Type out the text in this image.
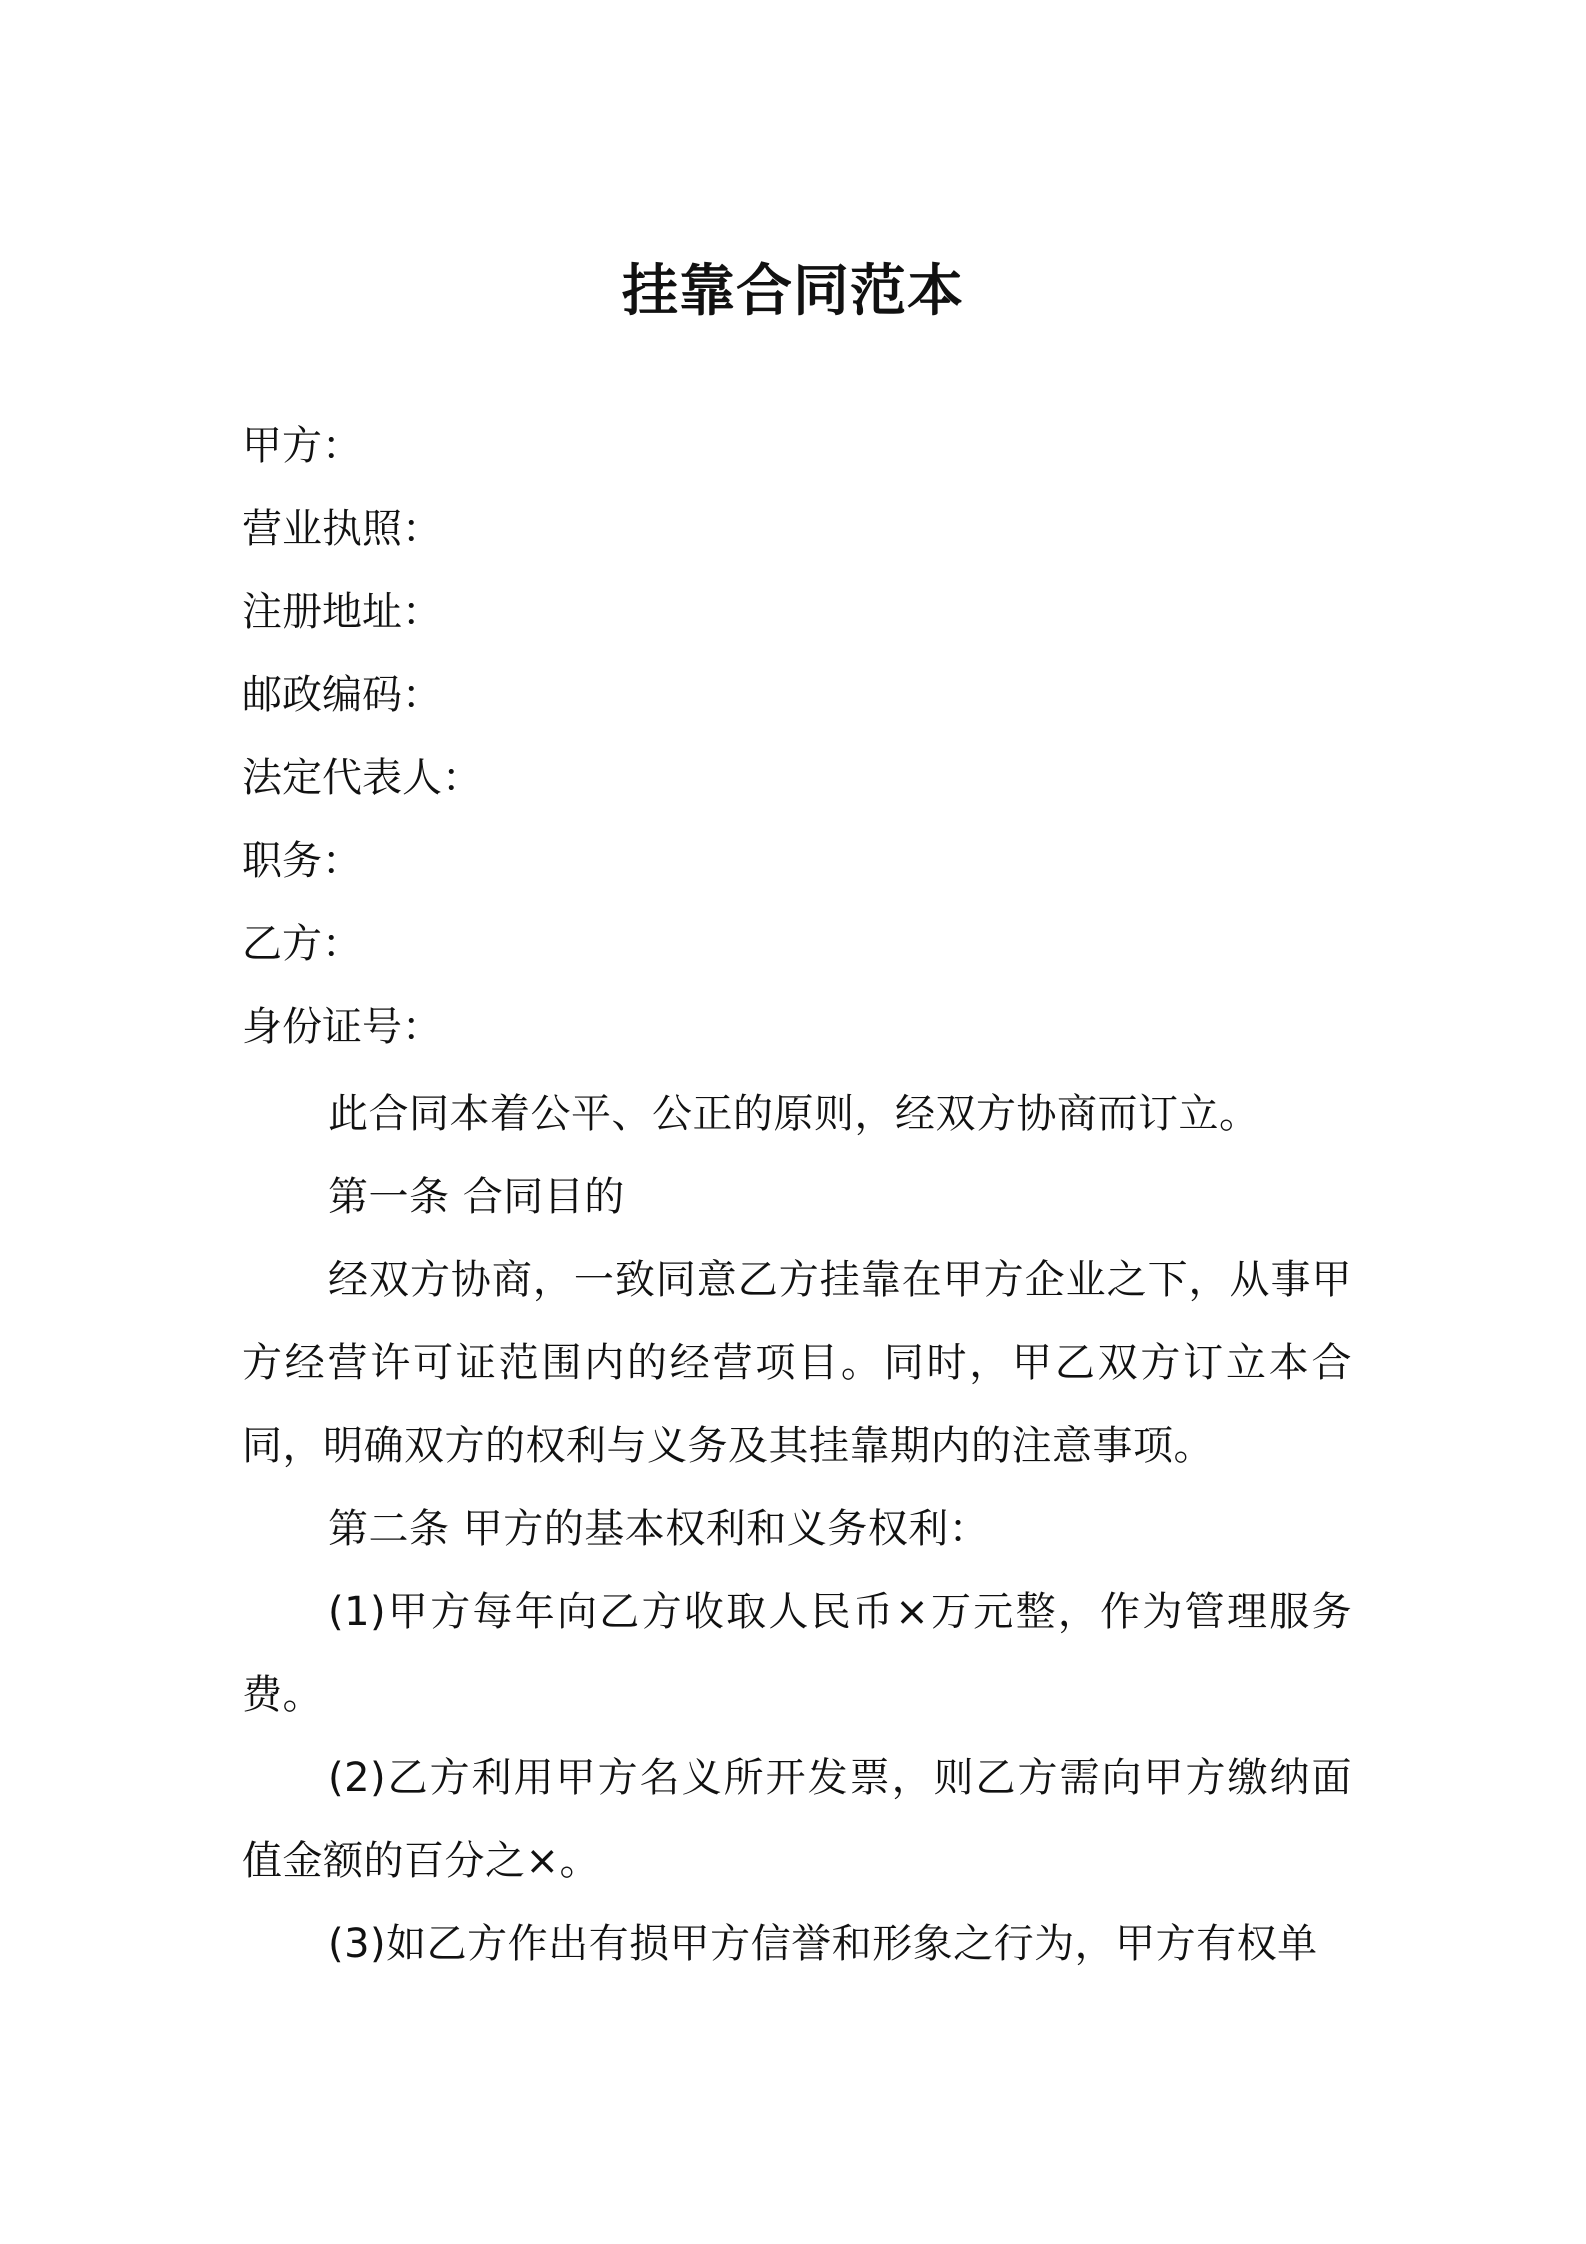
挂靠合同范本
甲方：
营业执照：
注册地址：
邮政编码：
法定代表人：
职务：
乙方：
身份证号：

此合同本着公平、公正的原则，经双方协商而订立。

第一条 合同目的

经双方协商，一致同意乙方挂靠在甲方企业之下，从事甲方经营许可证范围内的经营项目。同时，甲乙双方订立本合同，明确双方的权利与义务及其挂靠期内的注意事项。

第二条 甲方的基本权利和义务权利：

(1)甲方每年向乙方收取人民币×万元整，作为管理服务费。

(2)乙方利用甲方名义所开发票，则乙方需向甲方缴纳面值金额的百分之×。

(3)如乙方作出有损甲方信誉和形象之行为，甲方有权单
